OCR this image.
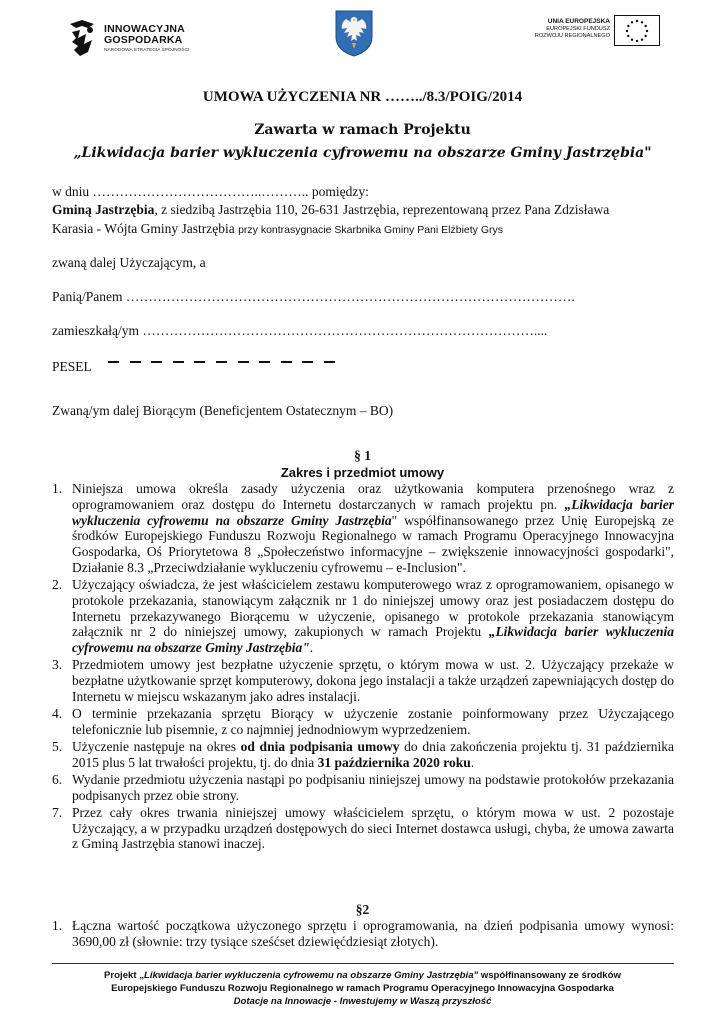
INNOWACYJNA
GOSPODARKA
NARODOWA STRATEGIA SPÓJNOŚCI
UNIA EUROPEJSKA
EUROPEJSKI FUNDUSZ
ROZWOJU REGIONALNEGO
UMOWA UŻYCZENIA NR ……../8.3/POIG/2014
Zawarta w ramach Projektu
„Likwidacja barier wykluczenia cyfrowemu na obszarze Gminy Jastrzębia"
w dniu ………………………………..……….. pomiędzy:
Gminą Jastrzębia, z siedzibą Jastrzębia 110, 26-631 Jastrzębia, reprezentowaną przez Pana Zdzisława
Karasia - Wójta Gminy Jastrzębia przy kontrasygnacie Skarbnika Gminy Pani Elżbiety Grys
zwaną dalej Użyczającym, a
Panią/Panem ……………………………………………………………………………………….
zamieszkałą/ym ……………………………………………………………………………....
PESEL
Zwaną/ym dalej Biorącym (Beneficjentem Ostatecznym – BO)
§ 1
Zakres i przedmiot umowy
1. Niniejsza umowa określa zasady użyczenia oraz użytkowania komputera przenośnego wraz z oprogramowaniem oraz dostępu do Internetu dostarczanych w ramach projektu pn. „Likwidacja barier wykluczenia cyfrowemu na obszarze Gminy Jastrzębia" współfinansowanego przez Unię Europejską ze środków Europejskiego Funduszu Rozwoju Regionalnego w ramach Programu Operacyjnego Innowacyjna Gospodarka, Oś Priorytetowa 8 „Społeczeństwo informacyjne – zwiększenie innowacyjności gospodarki", Działanie 8.3 „Przeciwdziałanie wykluczeniu cyfrowemu – e-Inclusion".
2. Użyczający oświadcza, że jest właścicielem zestawu komputerowego wraz z oprogramowaniem, opisanego w protokole przekazania, stanowiącym załącznik nr 1 do niniejszej umowy oraz jest posiadaczem dostępu do Internetu przekazywanego Biorącemu w użyczenie, opisanego w protokole przekazania stanowiącym załącznik nr 2 do niniejszej umowy, zakupionych w ramach Projektu „Likwidacja barier wykluczenia cyfrowemu na obszarze Gminy Jastrzębia".
3. Przedmiotem umowy jest bezpłatne użyczenie sprzętu, o którym mowa w ust. 2. Użyczający przekaże w bezpłatne użytkowanie sprzęt komputerowy, dokona jego instalacji a także urządzeń zapewniających dostęp do Internetu w miejscu wskazanym jako adres instalacji.
4. O terminie przekazania sprzętu Biorący w użyczenie zostanie poinformowany przez Użyczającego telefonicznie lub pisemnie, z co najmniej jednodniowym wyprzedzeniem.
5. Użyczenie następuje na okres od dnia podpisania umowy do dnia zakończenia projektu tj. 31 października 2015 plus 5 lat trwałości projektu, tj. do dnia 31 października 2020 roku.
6. Wydanie przedmiotu użyczenia nastąpi po podpisaniu niniejszej umowy na podstawie protokołów przekazania podpisanych przez obie strony.
7. Przez cały okres trwania niniejszej umowy właścicielem sprzętu, o którym mowa w ust. 2 pozostaje Użyczający, a w przypadku urządzeń dostępowych do sieci Internet dostawca usługi, chyba, że umowa zawarta z Gminą Jastrzębia stanowi inaczej.
§2
1. Łączna wartość początkowa użyczonego sprzętu i oprogramowania, na dzień podpisania umowy wynosi: 3690,00 zł (słownie: trzy tysiące sześćset dziewięćdziesiąt złotych).
Projekt „Likwidacja barier wykluczenia cyfrowemu na obszarze Gminy Jastrzębia" współfinansowany ze środków
Europejskiego Funduszu Rozwoju Regionalnego w ramach Programu Operacyjnego Innowacyjna Gospodarka
Dotacje na Innowacje - Inwestujemy w Waszą przyszłość
